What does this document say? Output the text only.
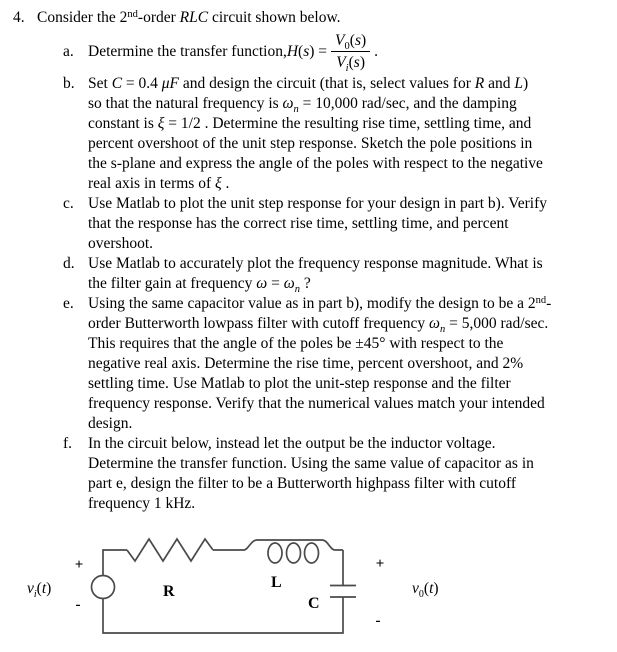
4. Consider the 2nd-order RLC circuit shown below.
a. Determine the transfer function, H ( s ) = $\frac{V_0(s)}{V_i(s)}$ .
b. Set C = 0.4 μF and design the circuit (that is, select values for R and L)
so that the natural frequency is $\omega_n = 10,000$ rad/sec, and the damping
constant is ξ = 1/2 . Determine the resulting rise time, settling time, and
percent overshoot of the unit step response. Sketch the pole positions in
the s-plane and express the angle of the poles with respect to the negative
real axis in terms of ξ .
c. Use Matlab to plot the unit step response for your design in part b). Verify
that the response has the correct rise time, settling time, and percent
overshoot.
d. Use Matlab to accurately plot the frequency response magnitude. What is
the filter gain at frequency $\omega = \omega_n$ ?
e. Using the same capacitor value as in part b), modify the design to be a 2nd-
order Butterworth lowpass filter with cutoff frequency $\omega_n = 5,000$ rad/sec.
This requires that the angle of the poles be ±45° with respect to the
negative real axis. Determine the rise time, percent overshoot, and 2%
settling time. Use Matlab to plot the unit-step response and the filter
frequency response. Verify that the numerical values match your intended
design.
f.	In the circuit below, instead let the output be the inductor voltage.
Determine the transfer function. Using the same value of capacitor as in
part e, design the filter to be a Butterworth highpass filter with cutoff
frequency 1 kHz.
$v_i(t)$
+
-
R
L
C
+
-
$v_0(t)$
